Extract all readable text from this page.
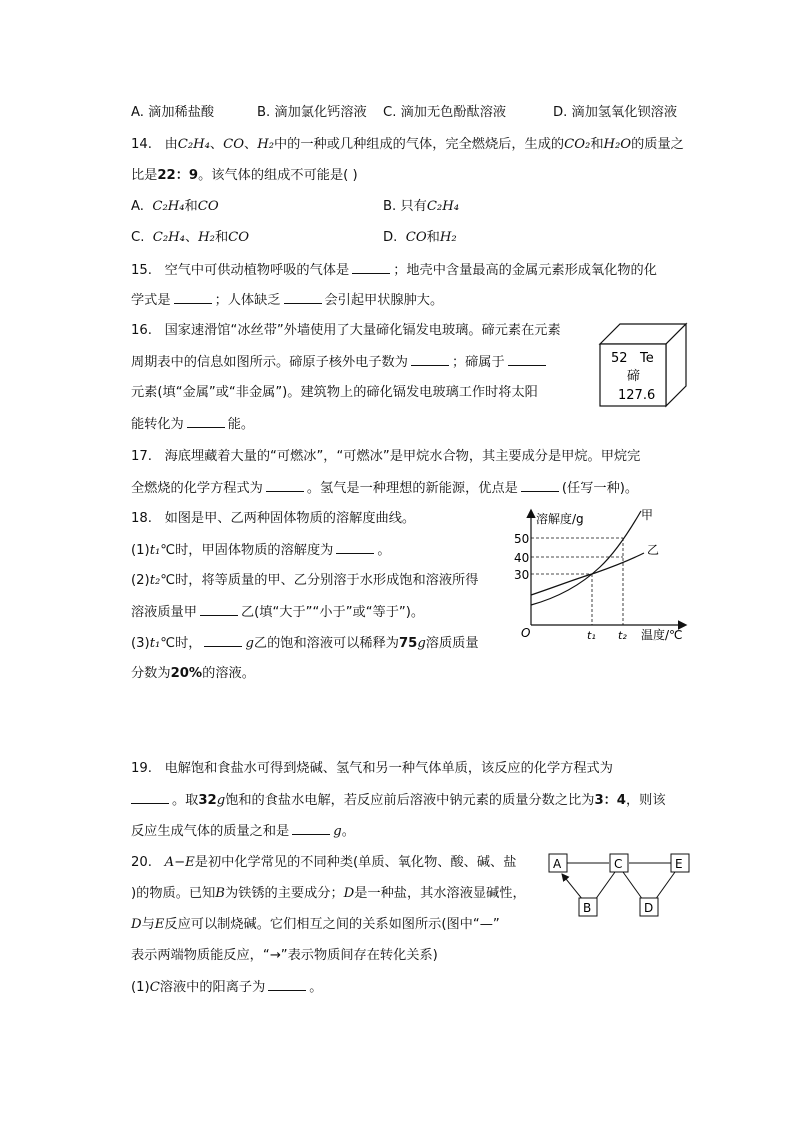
A. 滴加稀盐酸	B. 滴加氯化钙溶液 C. 滴加无色酚酞溶液	D. 滴加氢氧化钡溶液
14. 由C₂H₄、CO、H₂中的一种或几种组成的气体，完全燃烧后，生成的CO₂和H₂O的质量之
比是22：9。该气体的组成不可能是( )
A. C₂H₄和CO	B. 只有C₂H₄
C. C₂H₄、H₂和CO	D. CO和H₂
15. 空气中可供动植物呼吸的气体是	；地壳中含量最高的金属元素形成氧化物的化
学式是	；人体缺乏	会引起甲状腺肿大。
16. 国家速滑馆“冰丝带”外墙使用了大量碲化镉发电玻璃。碲元素在元素
周期表中的信息如图所示。碲原子核外电子数为	；碲属于
元素(填“金属”或“非金属”)。建筑物上的碲化镉发电玻璃工作时将太阳
能转化为	能。
52 Te
碲
127.6
17. 海底埋藏着大量的“可燃冰”，“可燃冰”是甲烷水合物，其主要成分是甲烷。甲烷完
全燃烧的化学方程式为	。氢气是一种理想的新能源，优点是	(任写一种)。
18. 如图是甲、乙两种固体物质的溶解度曲线。
(1)t₁℃时，甲固体物质的溶解度为	。
(2)t₂℃时，将等质量的甲、乙分别溶于水形成饱和溶液所得
溶液质量甲	乙(填“大于”“小于”或“等于”)。
(3)t₁℃时，	g乙的饱和溶液可以稀释为75g溶质质量
分数为20%的溶液。
溶解度/g
温度/℃
O
50
40
30
t₁ t₂
甲
乙
19. 电解饱和食盐水可得到烧碱、氢气和另一种气体单质，该反应的化学方程式为
。取32g饱和的食盐水电解，若反应前后溶液中钠元素的质量分数之比为3：4，则该
反应生成气体的质量之和是	g。
20. A−E是初中化学常见的不同种类(单质、氧化物、酸、碱、盐
)的物质。已知B为铁锈的主要成分；D是一种盐，其水溶液显碱性，
D与E反应可以制烧碱。它们相互之间的关系如图所示(图中“—”
表示两端物质能反应，“→”表示物质间存在转化关系)
(1)C溶液中的阳离子为	。
A	C	E
B	D
